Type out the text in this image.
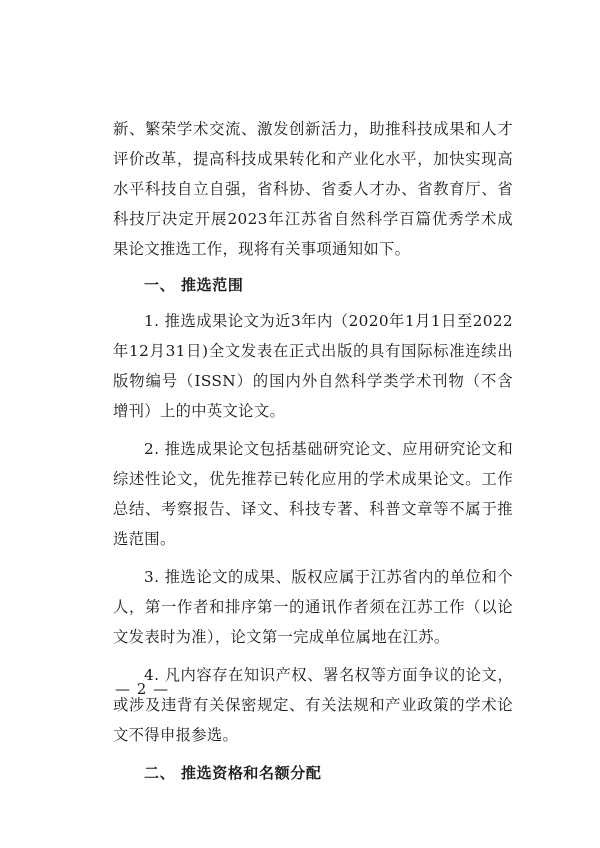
新、繁荣学术交流、激发创新活力，助推科技成果和人才评价改革，提高科技成果转化和产业化水平，加快实现高水平科技自立自强，省科协、省委人才办、省教育厅、省科技厅决定开展2023年江苏省自然科学百篇优秀学术成果论文推选工作，现将有关事项通知如下。

一、 推选范围

1. 推选成果论文为近3年内（2020年1月1日至2022年12月31日)全文发表在正式出版的具有国际标准连续出版物编号（ISSN）的国内外自然科学类学术刊物（不含增刊）上的中英文论文。

2. 推选成果论文包括基础研究论文、应用研究论文和综述性论文，优先推荐已转化应用的学术成果论文。工作总结、考察报告、译文、科技专著、科普文章等不属于推选范围。

3. 推选论文的成果、版权应属于江苏省内的单位和个人，第一作者和排序第一的通讯作者须在江苏工作（以论文发表时为准），论文第一完成单位属地在江苏。

4. 凡内容存在知识产权、署名权等方面争议的论文，或涉及违背有关保密规定、有关法规和产业政策的学术论文不得申报参选。

二、 推选资格和名额分配

— 2 —
